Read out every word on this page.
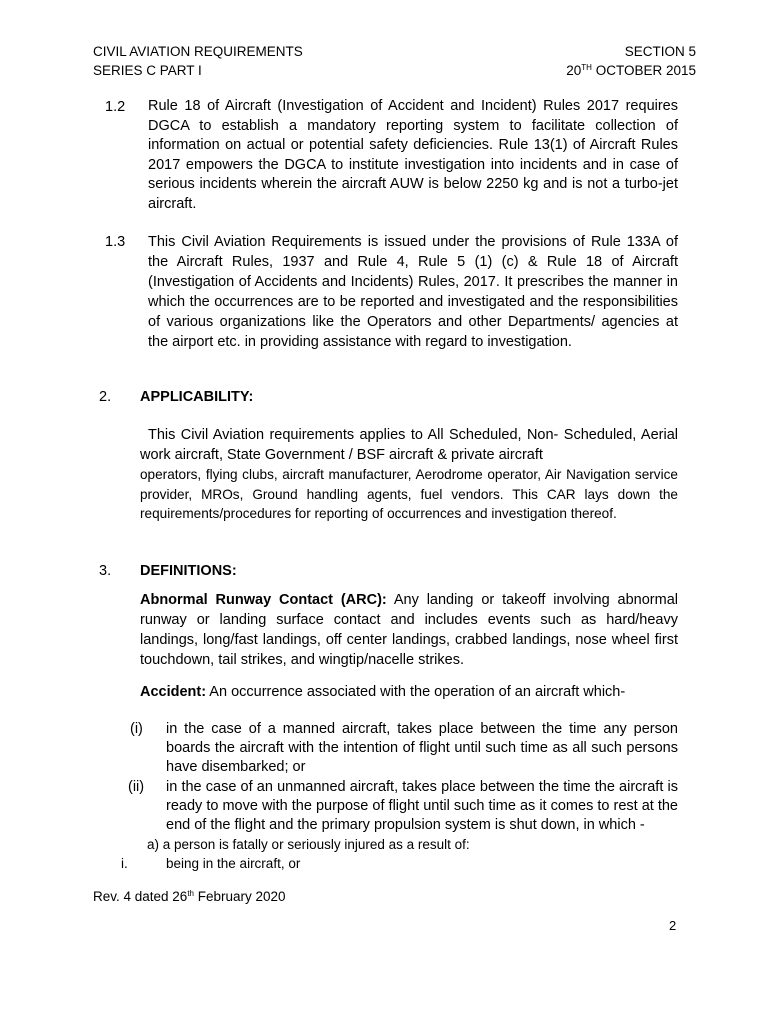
CIVIL AVIATION REQUIREMENTS
SERIES C PART I
SECTION 5
20TH OCTOBER 2015
1.2 Rule 18 of Aircraft (Investigation of Accident and Incident) Rules 2017 requires DGCA to establish a mandatory reporting system to facilitate collection of information on actual or potential safety deficiencies. Rule 13(1) of Aircraft Rules 2017 empowers the DGCA to institute investigation into incidents and in case of serious incidents wherein the aircraft AUW is below 2250 kg and is not a turbo-jet aircraft.
1.3 This Civil Aviation Requirements is issued under the provisions of Rule 133A of the Aircraft Rules, 1937 and Rule 4, Rule 5 (1) (c) & Rule 18 of Aircraft (Investigation of Accidents and Incidents) Rules, 2017. It prescribes the manner in which the occurrences are to be reported and investigated and the responsibilities of various organizations like the Operators and other Departments/ agencies at the airport etc. in providing assistance with regard to investigation.
2. APPLICABILITY:
This Civil Aviation requirements applies to All Scheduled, Non- Scheduled, Aerial work aircraft, State Government / BSF aircraft & private aircraft
operators, flying clubs, aircraft manufacturer, Aerodrome operator, Air Navigation service provider, MROs, Ground handling agents, fuel vendors. This CAR lays down the requirements/procedures for reporting of occurrences and investigation thereof.
3. DEFINITIONS:
Abnormal Runway Contact (ARC): Any landing or takeoff involving abnormal runway or landing surface contact and includes events such as hard/heavy landings, long/fast landings, off center landings, crabbed landings, nose wheel first touchdown, tail strikes, and wingtip/nacelle strikes.
Accident: An occurrence associated with the operation of an aircraft which-
(i) in the case of a manned aircraft, takes place between the time any person boards the aircraft with the intention of flight until such time as all such persons have disembarked; or
(ii) in the case of an unmanned aircraft, takes place between the time the aircraft is ready to move with the purpose of flight until such time as it comes to rest at the end of the flight and the primary propulsion system is shut down, in which -
a) a person is fatally or seriously injured as a result of:
i.	being in the aircraft, or
Rev. 4 dated 26th February 2020
2
